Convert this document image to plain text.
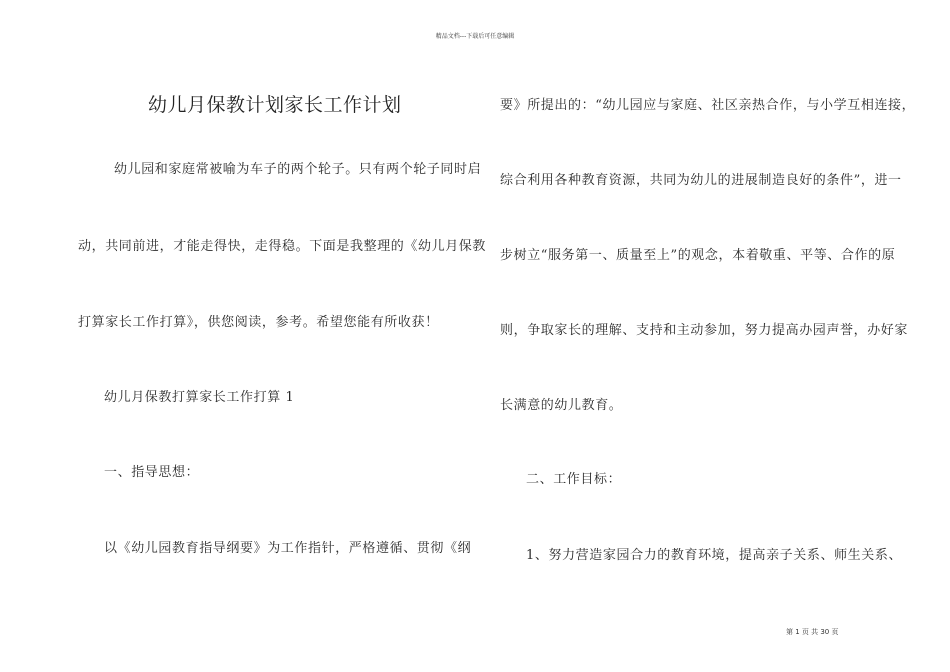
精品文档---下载后可任意编辑
幼儿月保教计划家长工作计划
幼儿园和家庭常被喻为车子的两个轮子。只有两个轮子同时启
动，共同前进，才能走得快，走得稳。下面是我整理的《幼儿月保教
打算家长工作打算》，供您阅读，参考。希望您能有所收获！
幼儿月保教打算家长工作打算 1
一、指导思想：
以《幼儿园教育指导纲要》为工作指针，严格遵循、贯彻《纲
要》所提出的：“幼儿园应与家庭、社区亲热合作，与小学互相连接，
综合利用各种教育资源，共同为幼儿的进展制造良好的条件”，进一
步树立“服务第一、质量至上”的观念，本着敬重、平等、合作的原
则，争取家长的理解、支持和主动参加，努力提高办园声誉，办好家
长满意的幼儿教育。
二、工作目标：
1、努力营造家园合力的教育环境，提高亲子关系、师生关系、
第 1 页 共 30 页
